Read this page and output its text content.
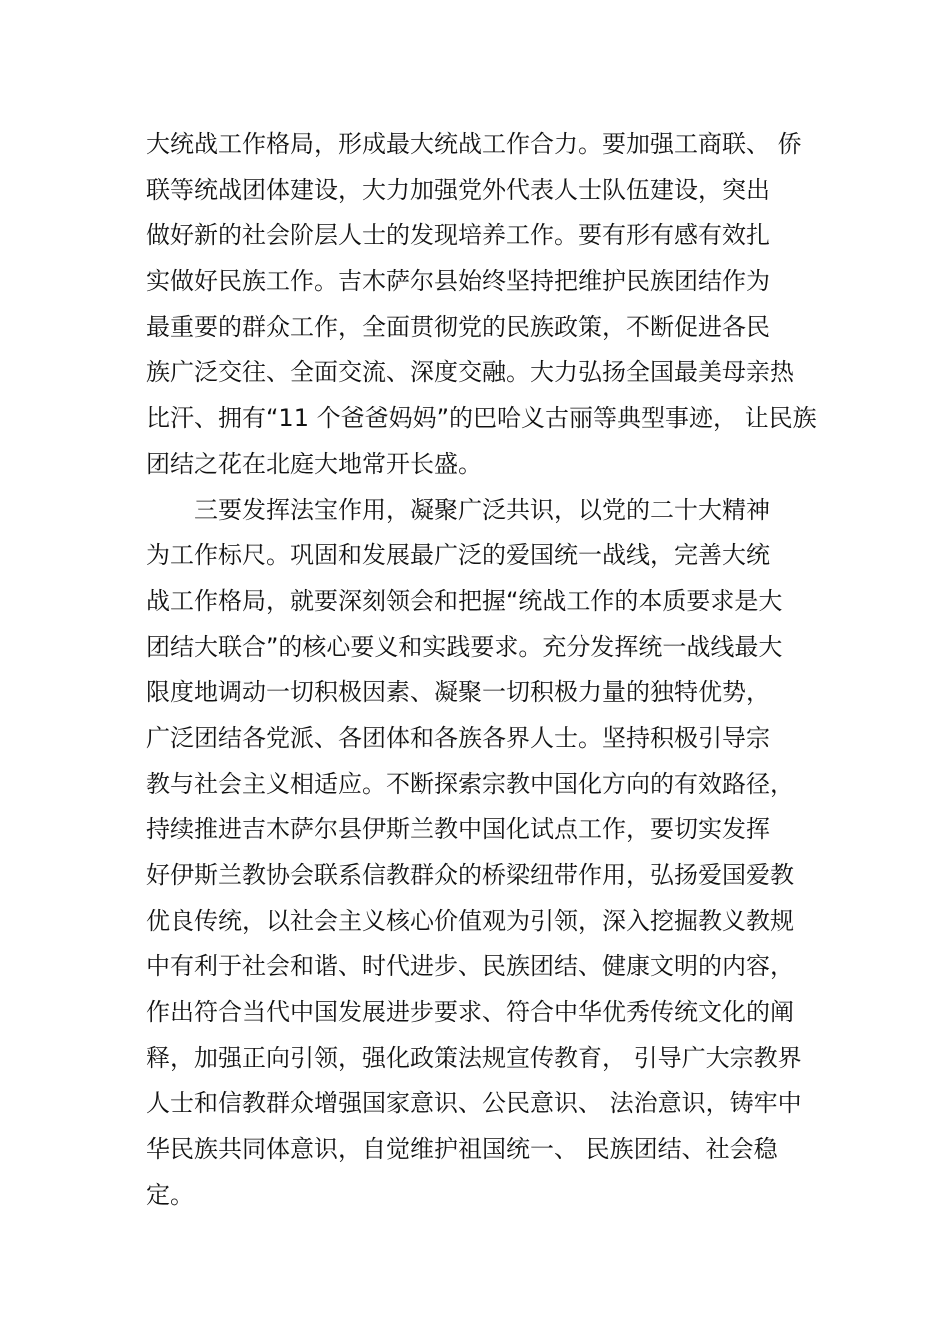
大统战工作格局，形成最大统战工作合力。要加强工商联、 侨
联等统战团体建设，大力加强党外代表人士队伍建设，突出
做好新的社会阶层人士的发现培养工作。要有形有感有效扎
实做好民族工作。吉木萨尔县始终坚持把维护民族团结作为
最重要的群众工作，全面贯彻党的民族政策，不断促进各民
族广泛交往、全面交流、深度交融。大力弘扬全国最美母亲热
比汗、拥有“11 个爸爸妈妈”的巴哈义古丽等典型事迹， 让民族
团结之花在北庭大地常开长盛。
　　三要发挥法宝作用，凝聚广泛共识，以党的二十大精神
为工作标尺。巩固和发展最广泛的爱国统一战线，完善大统
战工作格局，就要深刻领会和把握“统战工作的本质要求是大
团结大联合”的核心要义和实践要求。充分发挥统一战线最大
限度地调动一切积极因素、凝聚一切积极力量的独特优势，
广泛团结各党派、各团体和各族各界人士。坚持积极引导宗
教与社会主义相适应。不断探索宗教中国化方向的有效路径，
持续推进吉木萨尔县伊斯兰教中国化试点工作，要切实发挥
好伊斯兰教协会联系信教群众的桥梁纽带作用，弘扬爱国爱教
优良传统，以社会主义核心价值观为引领，深入挖掘教义教规
中有利于社会和谐、时代进步、民族团结、健康文明的内容，
作出符合当代中国发展进步要求、符合中华优秀传统文化的阐
释，加强正向引领，强化政策法规宣传教育， 引导广大宗教界
人士和信教群众增强国家意识、公民意识、 法治意识，铸牢中
华民族共同体意识，自觉维护祖国统一、 民族团结、社会稳
定。
